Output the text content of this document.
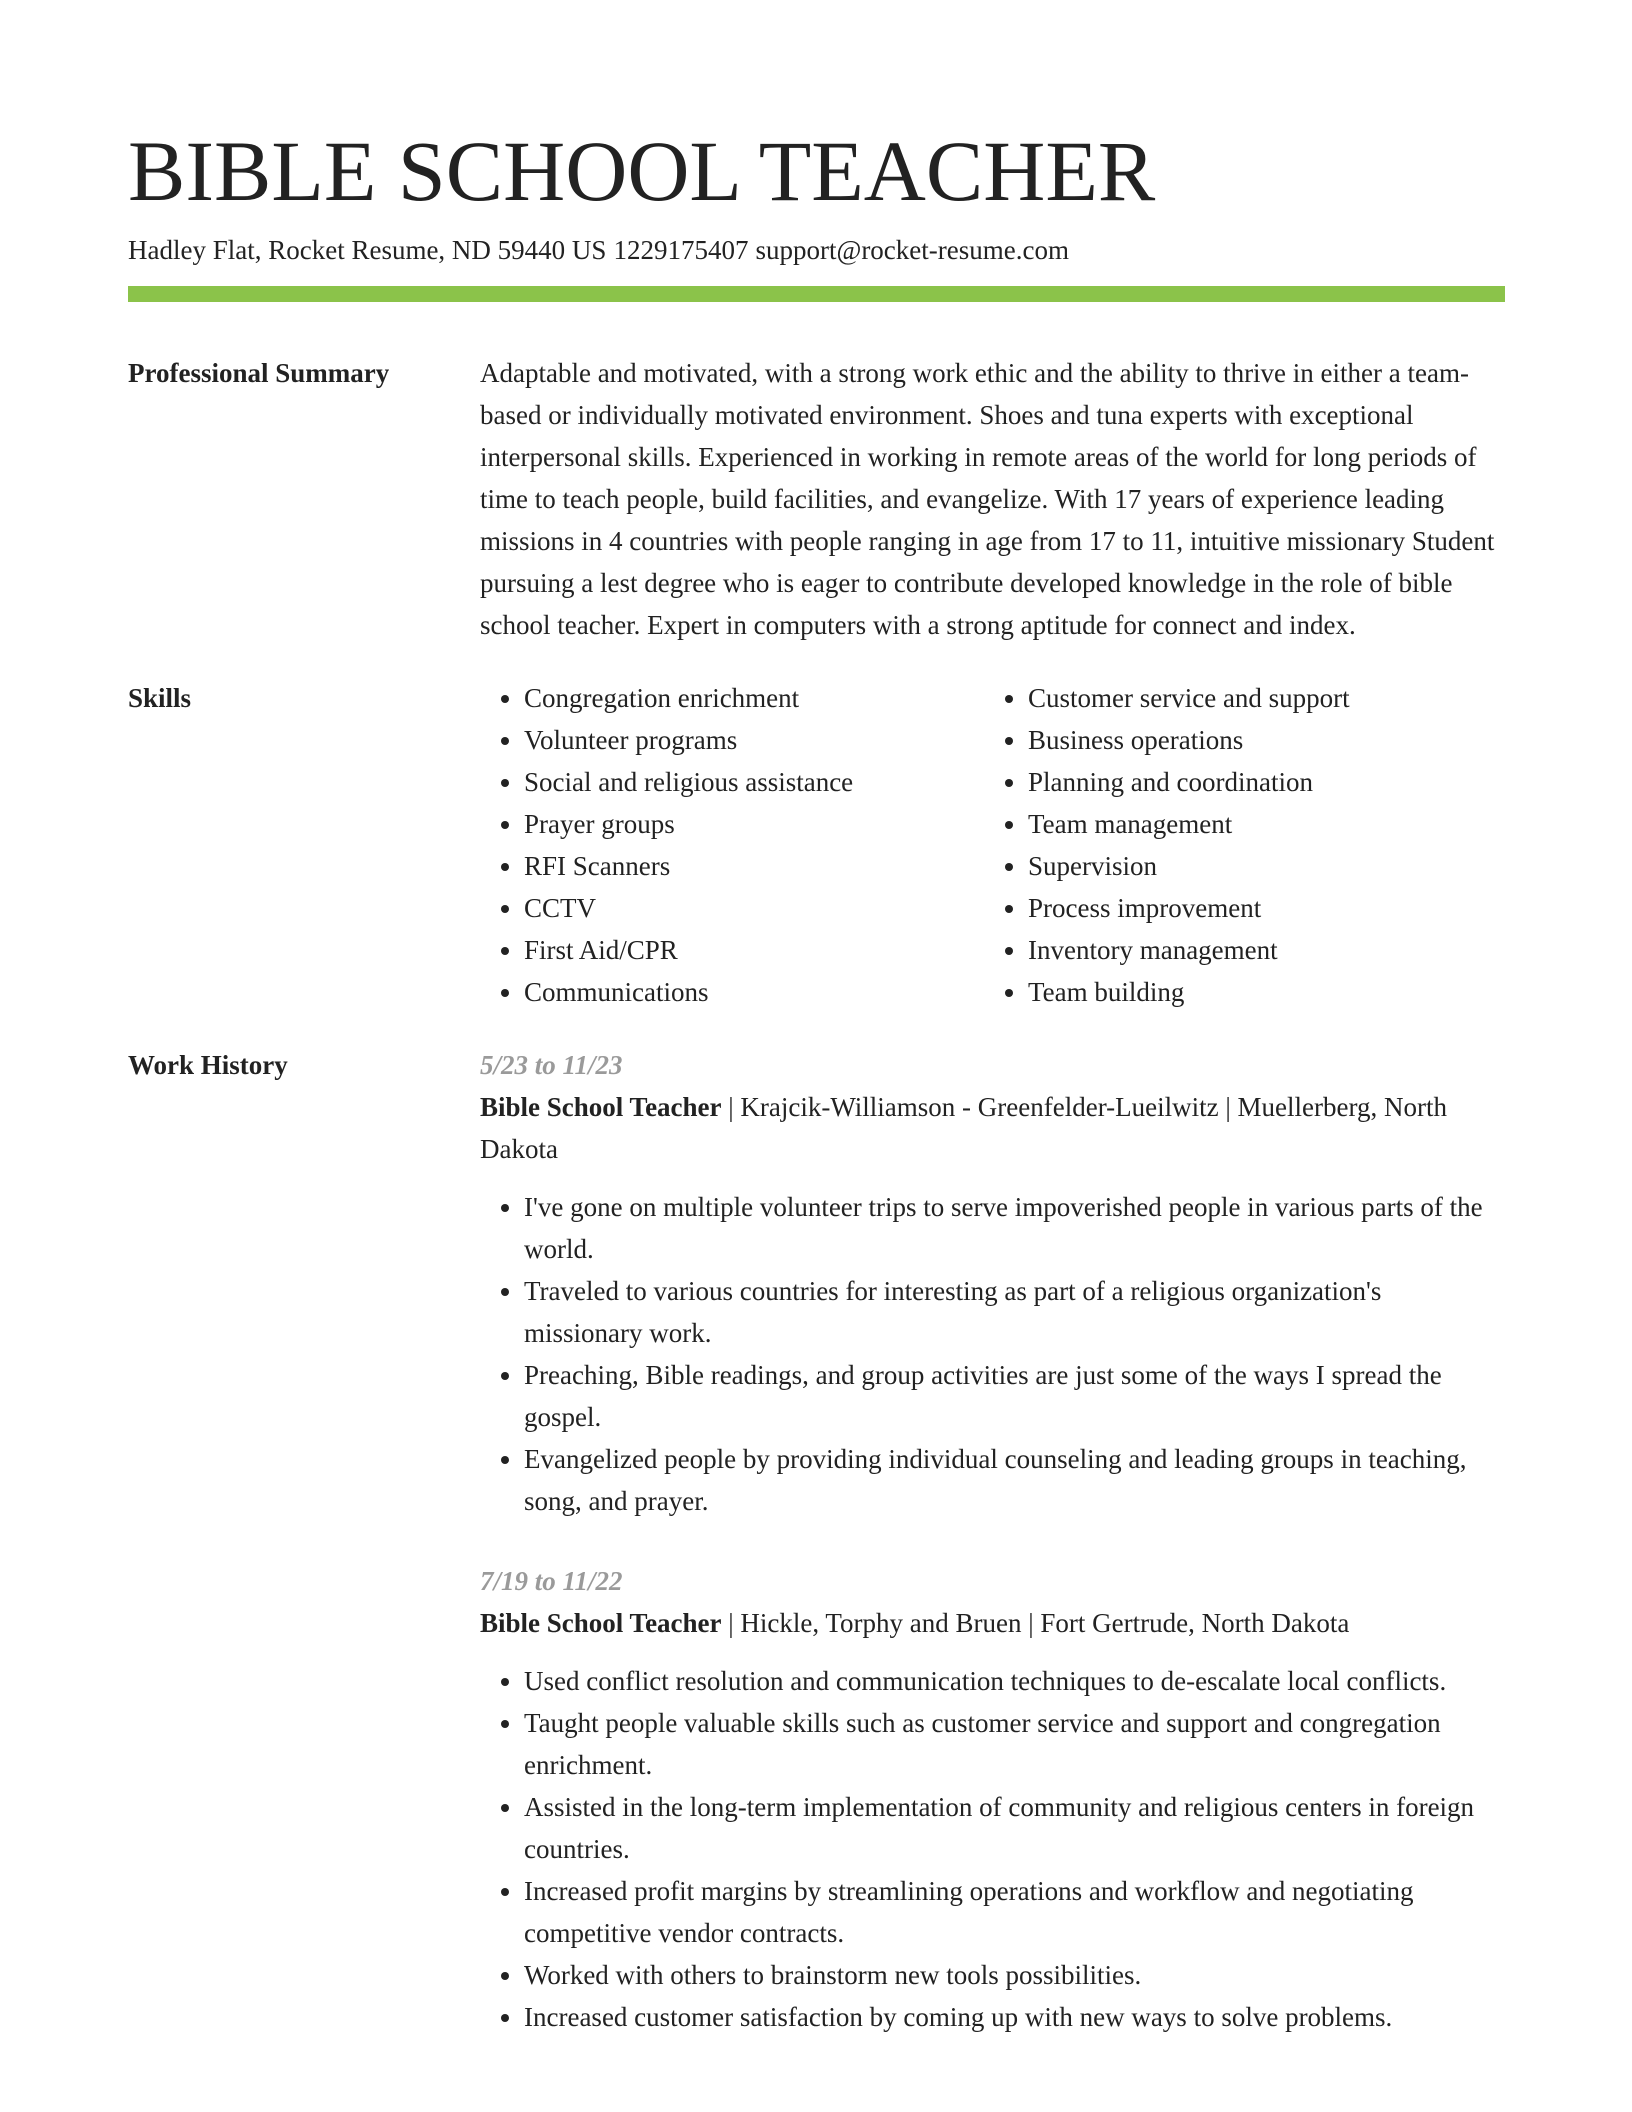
BIBLE SCHOOL TEACHER
Hadley Flat, Rocket Resume, ND 59440 US 1229175407 support@rocket-resume.com
Professional Summary	Adaptable and motivated, with a strong work ethic and the ability to thrive in either a team-based or individually motivated environment. Shoes and tuna experts with exceptional interpersonal skills. Experienced in working in remote areas of the world for long periods of time to teach people, build facilities, and evangelize. With 17 years of experience leading missions in 4 countries with people ranging in age from 17 to 11, intuitive missionary Student pursuing a lest degree who is eager to contribute developed knowledge in the role of bible school teacher. Expert in computers with a strong aptitude for connect and index.

Skills
•	Congregation enrichment
• Volunteer programs
• Social and religious assistance
• Prayer groups
• RFI Scanners
• CCTV
• First Aid/CPR
• Communications
• Customer service and support
• Business operations
• Planning and coordination
• Team management
• Supervision
• Process improvement
• Inventory management
• Team building
Work History	5/23 to 11/23
Bible School Teacher | Krajcik-Williamson - Greenfelder-Lueilwitz | Muellerberg, North Dakota
• I've gone on multiple volunteer trips to serve impoverished people in various parts of the world.
• Traveled to various countries for interesting as part of a religious organization's missionary work.
• Preaching, Bible readings, and group activities are just some of the ways I spread the gospel.
• Evangelized people by providing individual counseling and leading groups in teaching, song, and prayer.
7/19 to 11/22
Bible School Teacher | Hickle, Torphy and Bruen | Fort Gertrude, North Dakota
• Used conflict resolution and communication techniques to de-escalate local conflicts.
• Taught people valuable skills such as customer service and support and congregation enrichment.
• Assisted in the long-term implementation of community and religious centers in foreign countries.
• Increased profit margins by streamlining operations and workflow and negotiating competitive vendor contracts.
• Worked with others to brainstorm new tools possibilities.
• Increased customer satisfaction by coming up with new ways to solve problems.
